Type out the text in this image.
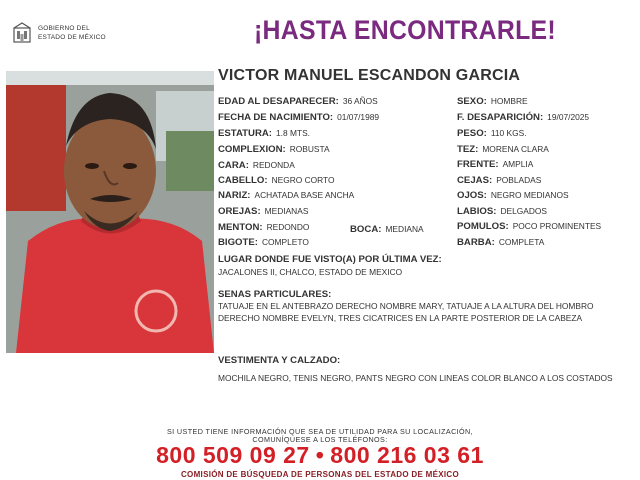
GOBIERNO DEL
ESTADO DE MÉXICO	¡HASTA ENCONTRARLE!
VICTOR MANUEL ESCANDON GARCIA
EDAD AL DESAPARECER: 36 AÑOS
FECHA DE NACIMIENTO: 01/07/1989
ESTATURA: 1.8 MTS.
COMPLEXION: ROBUSTA
CARA: REDONDA
CABELLO: NEGRO CORTO
NARIZ: ACHATADA BASE ANCHA
OREJAS: MEDIANAS
MENTON: REDONDO	BOCA: MEDIANA
BIGOTE: COMPLETO
SEXO: HOMBRE
F. DESAPARICIÓN: 19/07/2025
PESO: 110 KGS.
TEZ: MORENA CLARA
FRENTE: AMPLIA
CEJAS: POBLADAS
OJOS: NEGRO MEDIANOS
LABIOS: DELGADOS
POMULOS: POCO PROMINENTES
BARBA: COMPLETA
LUGAR DONDE FUE VISTO(A) POR ÚLTIMA VEZ:
JACALONES II, CHALCO, ESTADO DE MEXICO
SENAS PARTICULARES:
TATUAJE EN EL ANTEBRAZO DERECHO NOMBRE MARY, TATUAJE A LA ALTURA DEL HOMBRO DERECHO NOMBRE EVELYN, TRES CICATRICES EN LA PARTE POSTERIOR DE LA CABEZA
VESTIMENTA Y CALZADO:
MOCHILA NEGRO, TENIS NEGRO, PANTS NEGRO CON LINEAS COLOR BLANCO A LOS COSTADOS
SI USTED TIENE INFORMACIÓN QUE SEA DE UTILIDAD PARA SU LOCALIZACIÓN,
COMUNÍQUESE A LOS TELÉFONOS:
800 509 09 27 • 800 216 03 61
COMISIÓN DE BÚSQUEDA DE PERSONAS DEL ESTADO DE MÉXICO
